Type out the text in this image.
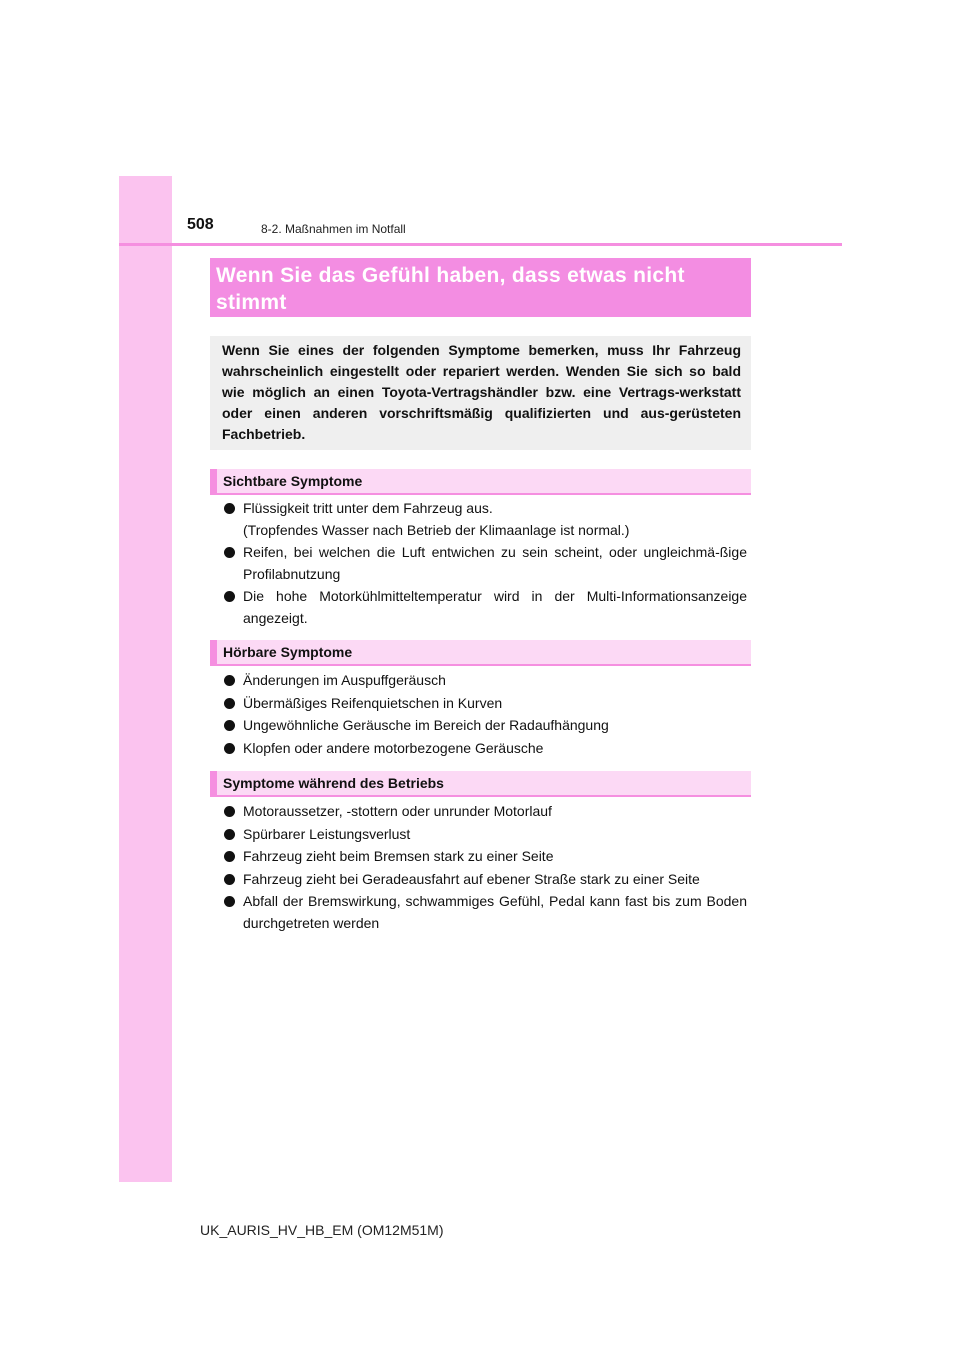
508	8-2. Maßnahmen im Notfall
Wenn Sie das Gefühl haben, dass etwas nicht stimmt
Wenn Sie eines der folgenden Symptome bemerken, muss Ihr Fahrzeug wahrscheinlich eingestellt oder repariert werden. Wenden Sie sich so bald wie möglich an einen Toyota-Vertragshändler bzw. eine Vertrags-werkstatt oder einen anderen vorschriftsmäßig qualifizierten und aus-gerüsteten Fachbetrieb.
Sichtbare Symptome
Flüssigkeit tritt unter dem Fahrzeug aus.
(Tropfendes Wasser nach Betrieb der Klimaanlage ist normal.)
Reifen, bei welchen die Luft entwichen zu sein scheint, oder ungleichmä-ßige Profilabnutzung
Die hohe Motorkühlmitteltemperatur wird in der Multi-Informationsanzeige angezeigt.
Hörbare Symptome
Änderungen im Auspuffgeräusch
Übermäßiges Reifenquietschen in Kurven
Ungewöhnliche Geräusche im Bereich der Radaufhängung
Klopfen oder andere motorbezogene Geräusche
Symptome während des Betriebs
Motoraussetzer, -stottern oder unrunder Motorlauf
Spürbarer Leistungsverlust
Fahrzeug zieht beim Bremsen stark zu einer Seite
Fahrzeug zieht bei Geradeausfahrt auf ebener Straße stark zu einer Seite
Abfall der Bremswirkung, schwammiges Gefühl, Pedal kann fast bis zum Boden durchgetreten werden
UK_AURIS_HV_HB_EM (OM12M51M)
